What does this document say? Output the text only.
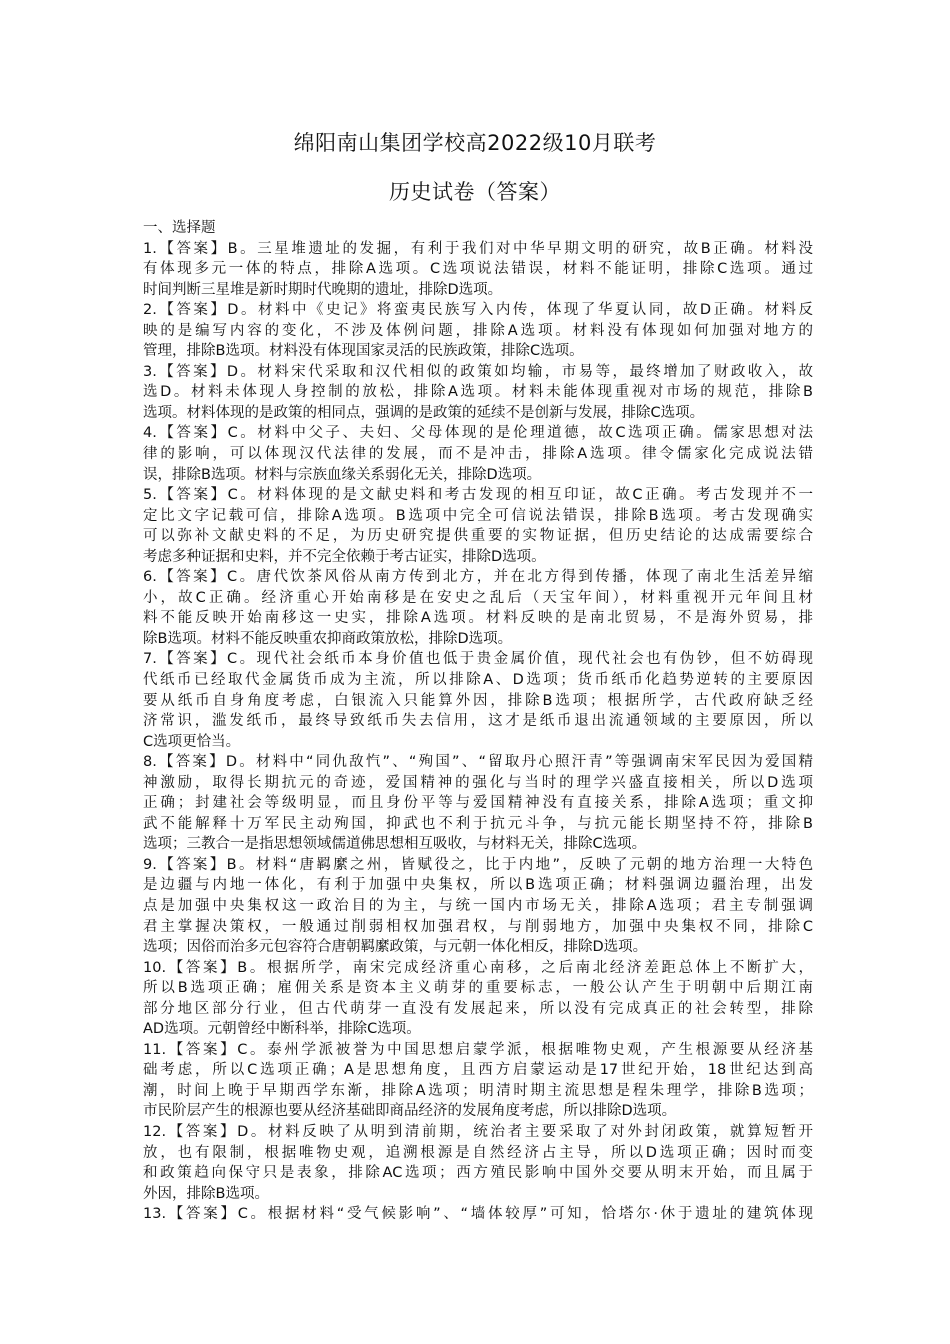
绵阳南山集团学校高2022级10月联考
历史试卷（答案）
一、选择题
1.【答案】B。三星堆遗址的发掘，有利于我们对中华早期文明的研究，故B正确。材料没
有体现多元一体的特点，排除A选项。C选项说法错误，材料不能证明，排除C选项。通过
时间判断三星堆是新时期时代晚期的遗址，排除D选项。
2.【答案】D。材料中《史记》将蛮夷民族写入内传，体现了华夏认同，故D正确。材料反
映的是编写内容的变化，不涉及体例问题，排除A选项。材料没有体现如何加强对地方的
管理，排除B选项。材料没有体现国家灵活的民族政策，排除C选项。
3.【答案】D。材料宋代采取和汉代相似的政策如均输，市易等，最终增加了财政收入，故
选D。材料未体现人身控制的放松，排除A选项。材料未能体现重视对市场的规范，排除B
选项。材料体现的是政策的相同点，强调的是政策的延续不是创新与发展，排除C选项。
4.【答案】C。材料中父子、夫妇、父母体现的是伦理道德，故C选项正确。儒家思想对法
律的影响，可以体现汉代法律的发展，而不是冲击，排除A选项。律令儒家化完成说法错
误，排除B选项。材料与宗族血缘关系弱化无关，排除D选项。
5.【答案】C。材料体现的是文献史料和考古发现的相互印证，故C正确。考古发现并不一
定比文字记载可信，排除A选项。B选项中完全可信说法错误，排除B选项。考古发现确实
可以弥补文献史料的不足，为历史研究提供重要的实物证据，但历史结论的达成需要综合
考虑多种证据和史料，并不完全依赖于考古证实，排除D选项。
6.【答案】C。唐代饮茶风俗从南方传到北方，并在北方得到传播，体现了南北生活差异缩
小，故C正确。经济重心开始南移是在安史之乱后（天宝年间），材料重视开元年间且材
料不能反映开始南移这一史实，排除A选项。材料反映的是南北贸易，不是海外贸易，排
除B选项。材料不能反映重农抑商政策放松，排除D选项。
7.【答案】C。现代社会纸币本身价值也低于贵金属价值，现代社会也有伪钞，但不妨碍现
代纸币已经取代金属货币成为主流，所以排除A、D选项；货币纸币化趋势逆转的主要原因
要从纸币自身角度考虑，白银流入只能算外因，排除B选项；根据所学，古代政府缺乏经
济常识，滥发纸币，最终导致纸币失去信用，这才是纸币退出流通领域的主要原因，所以
C选项更恰当。
8.【答案】D。材料中“同仇敌忾”、“殉国”、“留取丹心照汗青”等强调南宋军民因为爱国精
神激励，取得长期抗元的奇迹，爱国精神的强化与当时的理学兴盛直接相关，所以D选项
正确；封建社会等级明显，而且身份平等与爱国精神没有直接关系，排除A选项；重文抑
武不能解释十万军民主动殉国，抑武也不利于抗元斗争，与抗元能长期坚持不符，排除B
选项；三教合一是指思想领域儒道佛思想相互吸收，与材料无关，排除C选项。
9.【答案】B。材料“唐羁縻之州，皆赋役之，比于内地”，反映了元朝的地方治理一大特色
是边疆与内地一体化，有利于加强中央集权，所以B选项正确；材料强调边疆治理，出发
点是加强中央集权这一政治目的为主，与统一国内市场无关，排除A选项；君主专制强调
君主掌握决策权，一般通过削弱相权加强君权，与削弱地方，加强中央集权不同，排除C
选项；因俗而治多元包容符合唐朝羁縻政策，与元朝一体化相反，排除D选项。
10.【答案】B。根据所学，南宋完成经济重心南移，之后南北经济差距总体上不断扩大，
所以B选项正确；雇佣关系是资本主义萌芽的重要标志，一般公认产生于明朝中后期江南
部分地区部分行业，但古代萌芽一直没有发展起来，所以没有完成真正的社会转型，排除
AD选项。元朝曾经中断科举，排除C选项。
11.【答案】C。泰州学派被誉为中国思想启蒙学派，根据唯物史观，产生根源要从经济基
础考虑，所以C选项正确；A是思想角度，且西方启蒙运动是17世纪开始，18世纪达到高
潮，时间上晚于早期西学东渐，排除A选项；明清时期主流思想是程朱理学，排除B选项；
市民阶层产生的根源也要从经济基础即商品经济的发展角度考虑，所以排除D选项。
12.【答案】D。材料反映了从明到清前期，统治者主要采取了对外封闭政策，就算短暂开
放，也有限制，根据唯物史观，追溯根源是自然经济占主导，所以D选项正确；因时而变
和政策趋向保守只是表象，排除AC选项；西方殖民影响中国外交要从明末开始，而且属于
外因，排除B选项。
13.【答案】C。根据材料“受气候影响”、“墙体较厚”可知，恰塔尔·休于遗址的建筑体现
